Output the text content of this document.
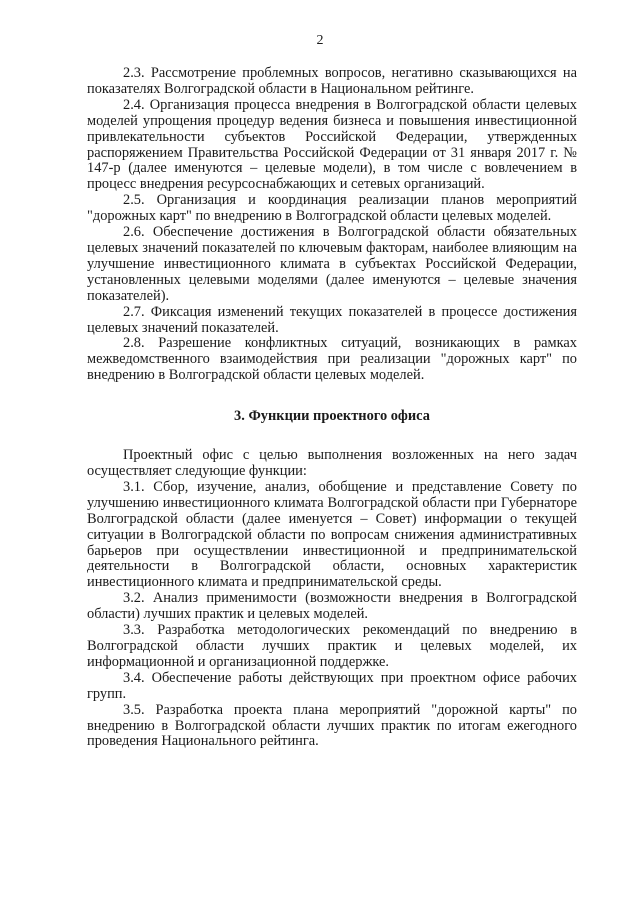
2

2.3. Рассмотрение проблемных вопросов, негативно сказывающихся на показателях Волгоградской области в Национальном рейтинге.

2.4. Организация процесса внедрения в Волгоградской области целевых моделей упрощения процедур ведения бизнеса и повышения инвестиционной привлекательности субъектов Российской Федерации, утвержденных распоряжением Правительства Российской Федерации от 31 января 2017 г. № 147-р (далее именуются – целевые модели), в том числе с вовлечением в процесс внедрения ресурсоснабжающих и сетевых организаций.

2.5. Организация и координация реализации планов мероприятий "дорожных карт" по внедрению в Волгоградской области целевых моделей.

2.6. Обеспечение достижения в Волгоградской области обязательных целевых значений показателей по ключевым факторам, наиболее влияющим на улучшение инвестиционного климата в субъектах Российской Федерации, установленных целевыми моделями (далее именуются – целевые значения показателей).

2.7. Фиксация изменений текущих показателей в процессе достижения целевых значений показателей.

2.8. Разрешение конфликтных ситуаций, возникающих в рамках межведомственного взаимодействия при реализации "дорожных карт" по внедрению в Волгоградской области целевых моделей.

3. Функции проектного офиса

Проектный офис с целью выполнения возложенных на него задач осуществляет следующие функции:

3.1. Сбор, изучение, анализ, обобщение и представление Совету по улучшению инвестиционного климата Волгоградской области при Губернаторе Волгоградской области (далее именуется – Совет) информации о текущей ситуации в Волгоградской области по вопросам снижения административных барьеров при осуществлении инвестиционной и предпринимательской деятельности в Волгоградской области, основных характеристик инвестиционного климата и предпринимательской среды.

3.2. Анализ применимости (возможности внедрения в Волгоградской области) лучших практик и целевых моделей.

3.3. Разработка методологических рекомендаций по внедрению в Волгоградской области лучших практик и целевых моделей, их информационной и организационной поддержке.

3.4. Обеспечение работы действующих при проектном офисе рабочих групп.

3.5. Разработка проекта плана мероприятий "дорожной карты" по внедрению в Волгоградской области лучших практик по итогам ежегодного проведения Национального рейтинга.
